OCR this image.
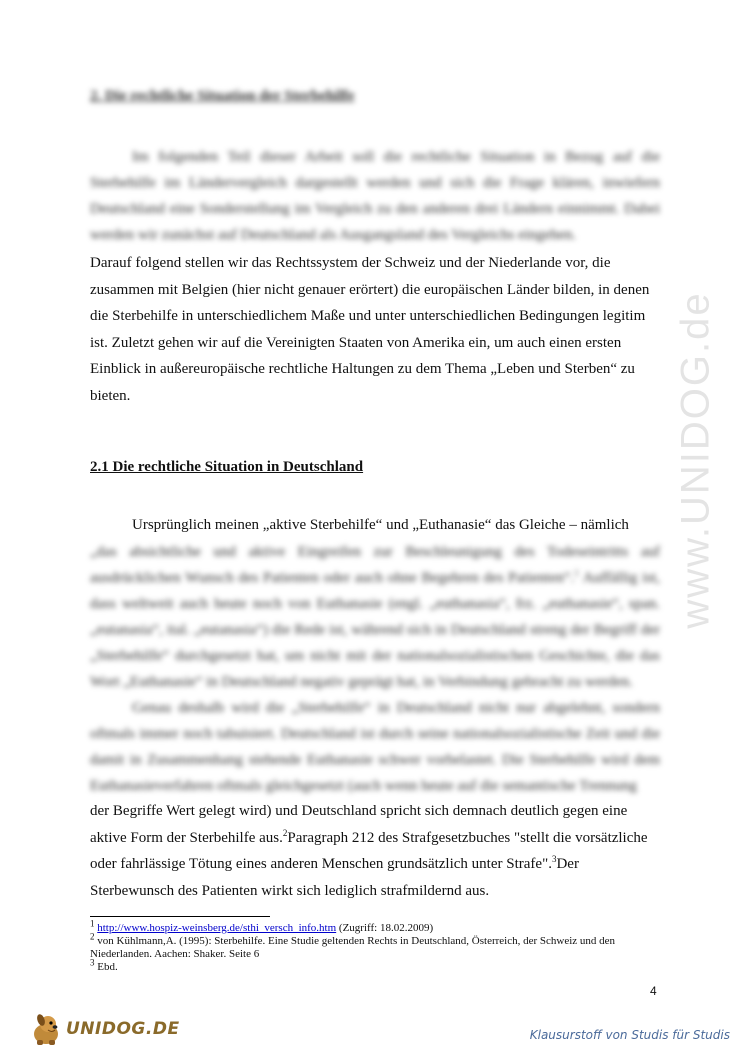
www.UNIDOG.de
2. Die rechtliche Situation der Sterbehilfe

Im folgenden Teil dieser Arbeit soll die rechtliche Situation in Bezug auf die Sterbehilfe im Ländervergleich dargestellt werden und sich die Frage klären, inwiefern Deutschland eine Sonderstellung im Vergleich zu den anderen drei Ländern einnimmt. Dabei werden wir zunächst auf Deutschland als Ausgangsland des Vergleichs eingehen.

Darauf folgend stellen wir das Rechtssystem der Schweiz und der Niederlande vor, die
zusammen mit Belgien (hier nicht genauer erörtert) die europäischen Länder bilden, in denen
die Sterbehilfe in unterschiedlichem Maße und unter unterschiedlichen Bedingungen legitim
ist. Zuletzt gehen wir auf die Vereinigten Staaten von Amerika ein, um auch einen ersten
Einblick in außereuropäische rechtliche Haltungen zu dem Thema „Leben und Sterben“ zu
bieten.

2.1 Die rechtliche Situation in Deutschland

Ursprünglich meinen „aktive Sterbehilfe“ und „Euthanasie“ das Gleiche – nämlich

„das absichtliche und aktive Eingreifen zur Beschleunigung des Todeseintritts auf ausdrücklichen Wunsch des Patienten oder auch ohne Begehren des Patienten“.$^1$ Auffällig ist, dass weltweit auch heute noch von Euthanasie (engl. „euthanasia“, frz. „euthanasie“, span. „eutanasia“, ital. „eutanasia“) die Rede ist, während sich in Deutschland streng der Begriff der „Sterbehilfe“ durchgesetzt hat, um nicht mit der nationalsozialistischen Geschichte, die das Wort „Euthanasie“ in Deutschland negativ geprägt hat, in Verbindung gebracht zu werden.
Genau deshalb wird die „Sterbehilfe“ in Deutschland nicht nur abgelehnt, sondern oftmals immer noch tabuisiert. Deutschland ist durch seine nationalsozialistische Zeit und die damit in Zusammenhang stehende Euthanasie schwer vorbelastet. Die Sterbehilfe wird dem Euthanasieverfahren oftmals gleichgesetzt (auch wenn heute auf die semantische Trennung

der Begriffe Wert gelegt wird) und Deutschland spricht sich demnach deutlich gegen eine
aktive Form der Sterbehilfe aus.$^2$Paragraph 212 des Strafgesetzbuches "stellt die vorsätzliche
oder fahrlässige Tötung eines anderen Menschen grundsätzlich unter Strafe".$^3$Der
Sterbewunsch des Patienten wirkt sich lediglich strafmildernd aus.

$^1$ http://www.hospiz-weinsberg.de/sthi_versch_info.htm (Zugriff: 18.02.2009)
$^2$ von Kühlmann,A. (1995): Sterbehilfe. Eine Studie geltenden Rechts in Deutschland, Österreich, der Schweiz und den Niederlanden. Aachen: Shaker. Seite 6
$^3$ Ebd.
4
UNIDOG.DE	Klausurstoff von Studis für Studis
